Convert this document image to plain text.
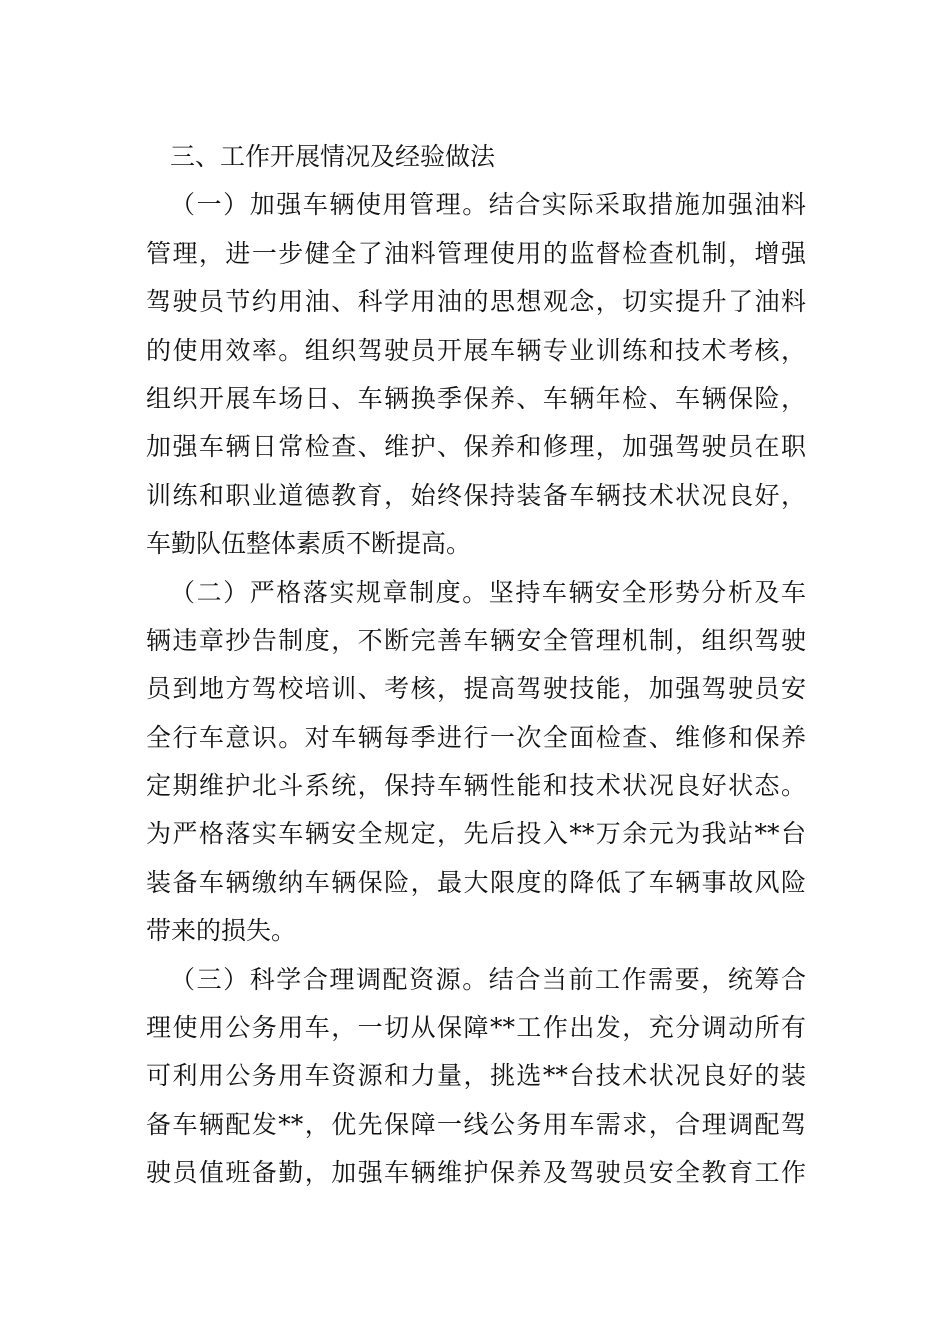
三、工作开展情况及经验做法
（一）加强车辆使用管理。结合实际采取措施加强油料
管理，进一步健全了油料管理使用的监督检查机制，增强
驾驶员节约用油、科学用油的思想观念，切实提升了油料
的使用效率。组织驾驶员开展车辆专业训练和技术考核，
组织开展车场日、车辆换季保养、车辆年检、车辆保险，
加强车辆日常检查、维护、保养和修理，加强驾驶员在职
训练和职业道德教育，始终保持装备车辆技术状况良好，
车勤队伍整体素质不断提高。
（二）严格落实规章制度。坚持车辆安全形势分析及车
辆违章抄告制度，不断完善车辆安全管理机制，组织驾驶
员到地方驾校培训、考核，提高驾驶技能，加强驾驶员安
全行车意识。对车辆每季进行一次全面检查、维修和保养
定期维护北斗系统，保持车辆性能和技术状况良好状态。
为严格落实车辆安全规定，先后投入**万余元为我站**台
装备车辆缴纳车辆保险，最大限度的降低了车辆事故风险
带来的损失。
（三）科学合理调配资源。结合当前工作需要，统筹合
理使用公务用车，一切从保障**工作出发，充分调动所有
可利用公务用车资源和力量，挑选**台技术状况良好的装
备车辆配发**，优先保障一线公务用车需求，合理调配驾
驶员值班备勤，加强车辆维护保养及驾驶员安全教育工作
